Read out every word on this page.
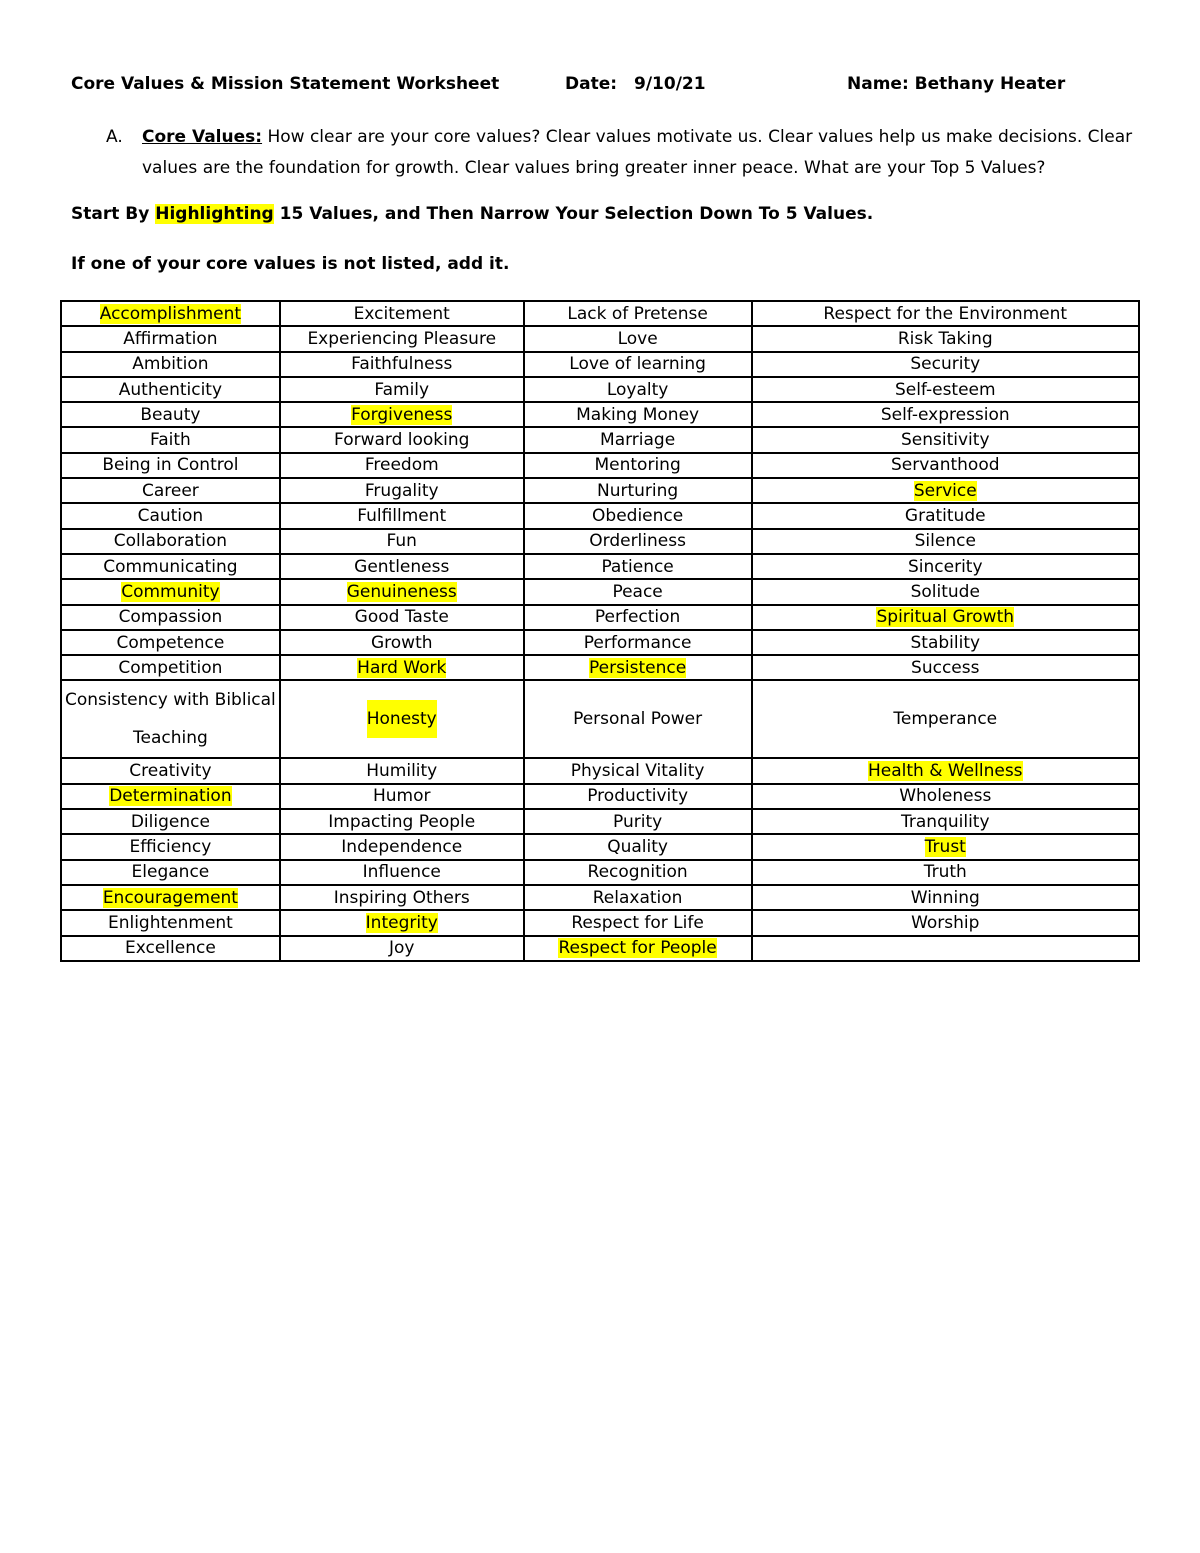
Core Values & Mission Statement Worksheet	Date: 9/10/21	Name: Bethany Heater
A. Core Values: How clear are your core values? Clear values motivate us. Clear values help us make decisions. Clear values are the foundation for growth. Clear values bring greater inner peace. What are your Top 5 Values?
Start By Highlighting 15 Values, and Then Narrow Your Selection Down To 5 Values.
If one of your core values is not listed, add it.
Accomplishment	Excitement	Lack of Pretense	Respect for the Environment
Affirmation	Experiencing Pleasure	Love	Risk Taking
Ambition	Faithfulness	Love of learning	Security
Authenticity	Family	Loyalty	Self-esteem
Beauty	Forgiveness	Making Money	Self-expression
Faith	Forward looking	Marriage	Sensitivity
Being in Control	Freedom	Mentoring	Servanthood
Career	Frugality	Nurturing	Service
Caution	Fulfillment	Obedience	Gratitude
Collaboration	Fun	Orderliness	Silence
Communicating	Gentleness	Patience	Sincerity
Community	Genuineness	Peace	Solitude
Compassion	Good Taste	Perfection	Spiritual Growth
Competence	Growth	Performance	Stability
Competition	Hard Work	Persistence	Success
Consistency with Biblical Teaching	Honesty	Personal Power	Temperance
Creativity	Humility	Physical Vitality	Health & Wellness
Determination	Humor	Productivity	Wholeness
Diligence	Impacting People	Purity	Tranquility
Efficiency	Independence	Quality	Trust
Elegance	Influence	Recognition	Truth
Encouragement	Inspiring Others	Relaxation	Winning
Enlightenment	Integrity	Respect for Life	Worship
Excellence	Joy	Respect for People	
